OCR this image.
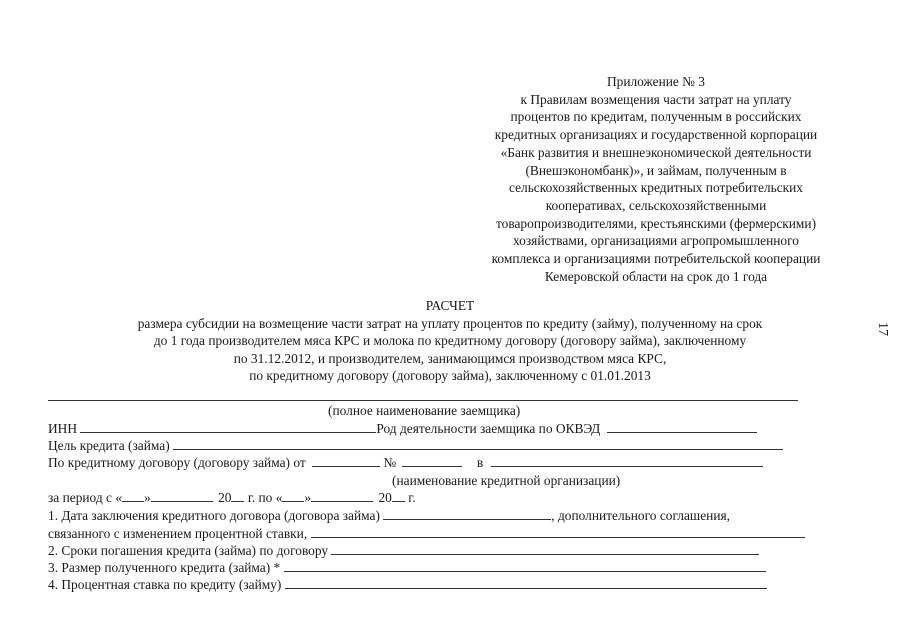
Приложение № 3
к Правилам возмещения части затрат на уплату
процентов по кредитам, полученным в российских
кредитных организациях и государственной корпорации
«Банк развития и внешнеэкономической деятельности
(Внешэкономбанк)», и займам, полученным в
сельскохозяйственных кредитных потребительских
кооперативах, сельскохозяйственными
товаропроизводителями, крестьянскими (фермерскими)
хозяйствами, организациями агропромышленного
комплекса и организациями потребительской кооперации
Кемеровской области на срок до 1 года
17
РАСЧЕТ
размера субсидии на возмещение части затрат на уплату процентов по кредиту (займу), полученному на срок
до 1 года производителем мяса КРС и молока по кредитному договору (договору займа), заключенному
по 31.12.2012, и производителем, занимающимся производством мяса КРС,
по кредитному договору (договору займа), заключенному с 01.01.2013
(полное наименование заемщика)
ИНН	Род деятельности заемщика по ОКВЭД
Цель кредита (займа)
По кредитному договору (договору займа) от	№	в
(наименование кредитной организации)
за период с « »	20 г. по « »	20 г.
1. Дата заключения кредитного договора (договора займа)	, дополнительного соглашения,
связанного с изменением процентной ставки,
2. Сроки погашения кредита (займа) по договору
3. Размер полученного кредита (займа) *
4. Процентная ставка по кредиту (займу)
